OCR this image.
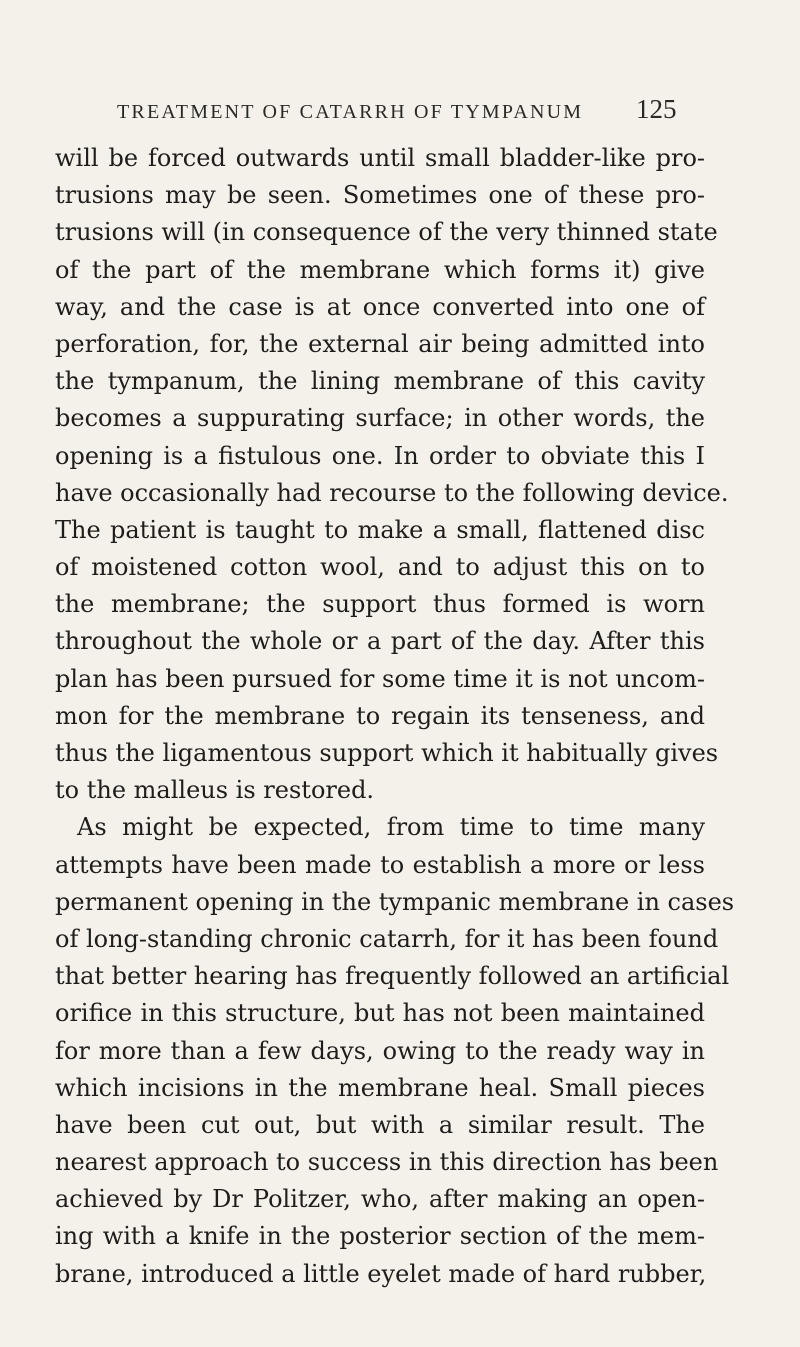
TREATMENT OF CATARRH OF TYMPANUM 125
will be forced outwards until small bladder-like pro-
trusions may be seen. Sometimes one of these pro-
trusions will (in consequence of the very thinned state
of the part of the membrane which forms it) give
way, and the case is at once converted into one of
perforation, for, the external air being admitted into
the tympanum, the lining membrane of this cavity
becomes a suppurating surface; in other words, the
opening is a fistulous one. In order to obviate this I
have occasionally had recourse to the following device.
The patient is taught to make a small, flattened disc
of moistened cotton wool, and to adjust this on to
the membrane; the support thus formed is worn
throughout the whole or a part of the day. After this
plan has been pursued for some time it is not uncom-
mon for the membrane to regain its tenseness, and
thus the ligamentous support which it habitually gives
to the malleus is restored.
As might be expected, from time to time many
attempts have been made to establish a more or less
permanent opening in the tympanic membrane in cases
of long-standing chronic catarrh, for it has been found
that better hearing has frequently followed an artificial
orifice in this structure, but has not been maintained
for more than a few days, owing to the ready way in
which incisions in the membrane heal. Small pieces
have been cut out, but with a similar result. The
nearest approach to success in this direction has been
achieved by Dr Politzer, who, after making an open-
ing with a knife in the posterior section of the mem-
brane, introduced a little eyelet made of hard rubber,
